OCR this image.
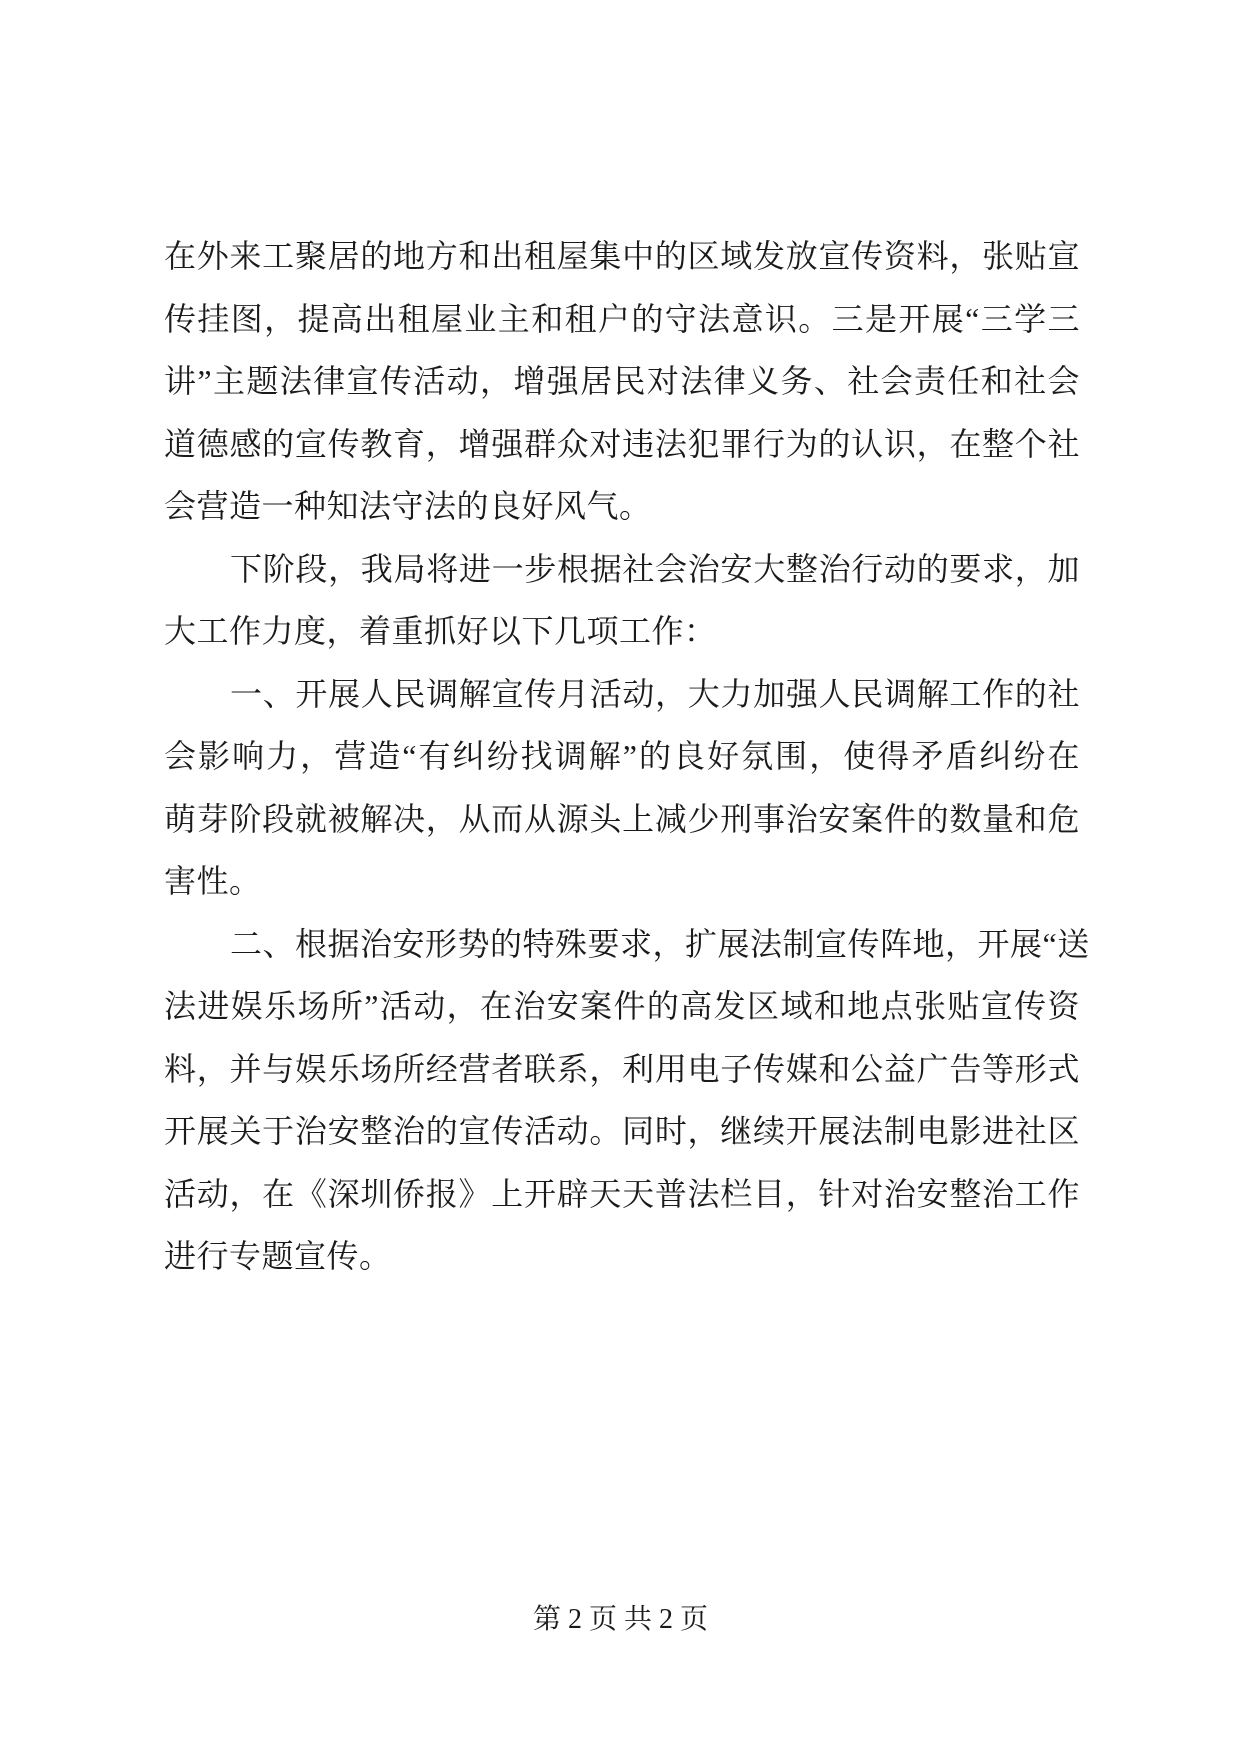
在外来工聚居的地方和出租屋集中的区域发放宣传资料，张贴宣
传挂图，提高出租屋业主和租户的守法意识。三是开展“三学三
讲”主题法律宣传活动，增强居民对法律义务、社会责任和社会
道德感的宣传教育，增强群众对违法犯罪行为的认识，在整个社
会营造一种知法守法的良好风气。
下阶段，我局将进一步根据社会治安大整治行动的要求，加
大工作力度，着重抓好以下几项工作：
一、开展人民调解宣传月活动，大力加强人民调解工作的社
会影响力，营造“有纠纷找调解”的良好氛围，使得矛盾纠纷在
萌芽阶段就被解决，从而从源头上减少刑事治安案件的数量和危
害性。
二、根据治安形势的特殊要求，扩展法制宣传阵地，开展“送
法进娱乐场所”活动，在治安案件的高发区域和地点张贴宣传资
料，并与娱乐场所经营者联系，利用电子传媒和公益广告等形式
开展关于治安整治的宣传活动。同时，继续开展法制电影进社区
活动，在《深圳侨报》上开辟天天普法栏目，针对治安整治工作
进行专题宣传。
第 2 页 共 2 页
